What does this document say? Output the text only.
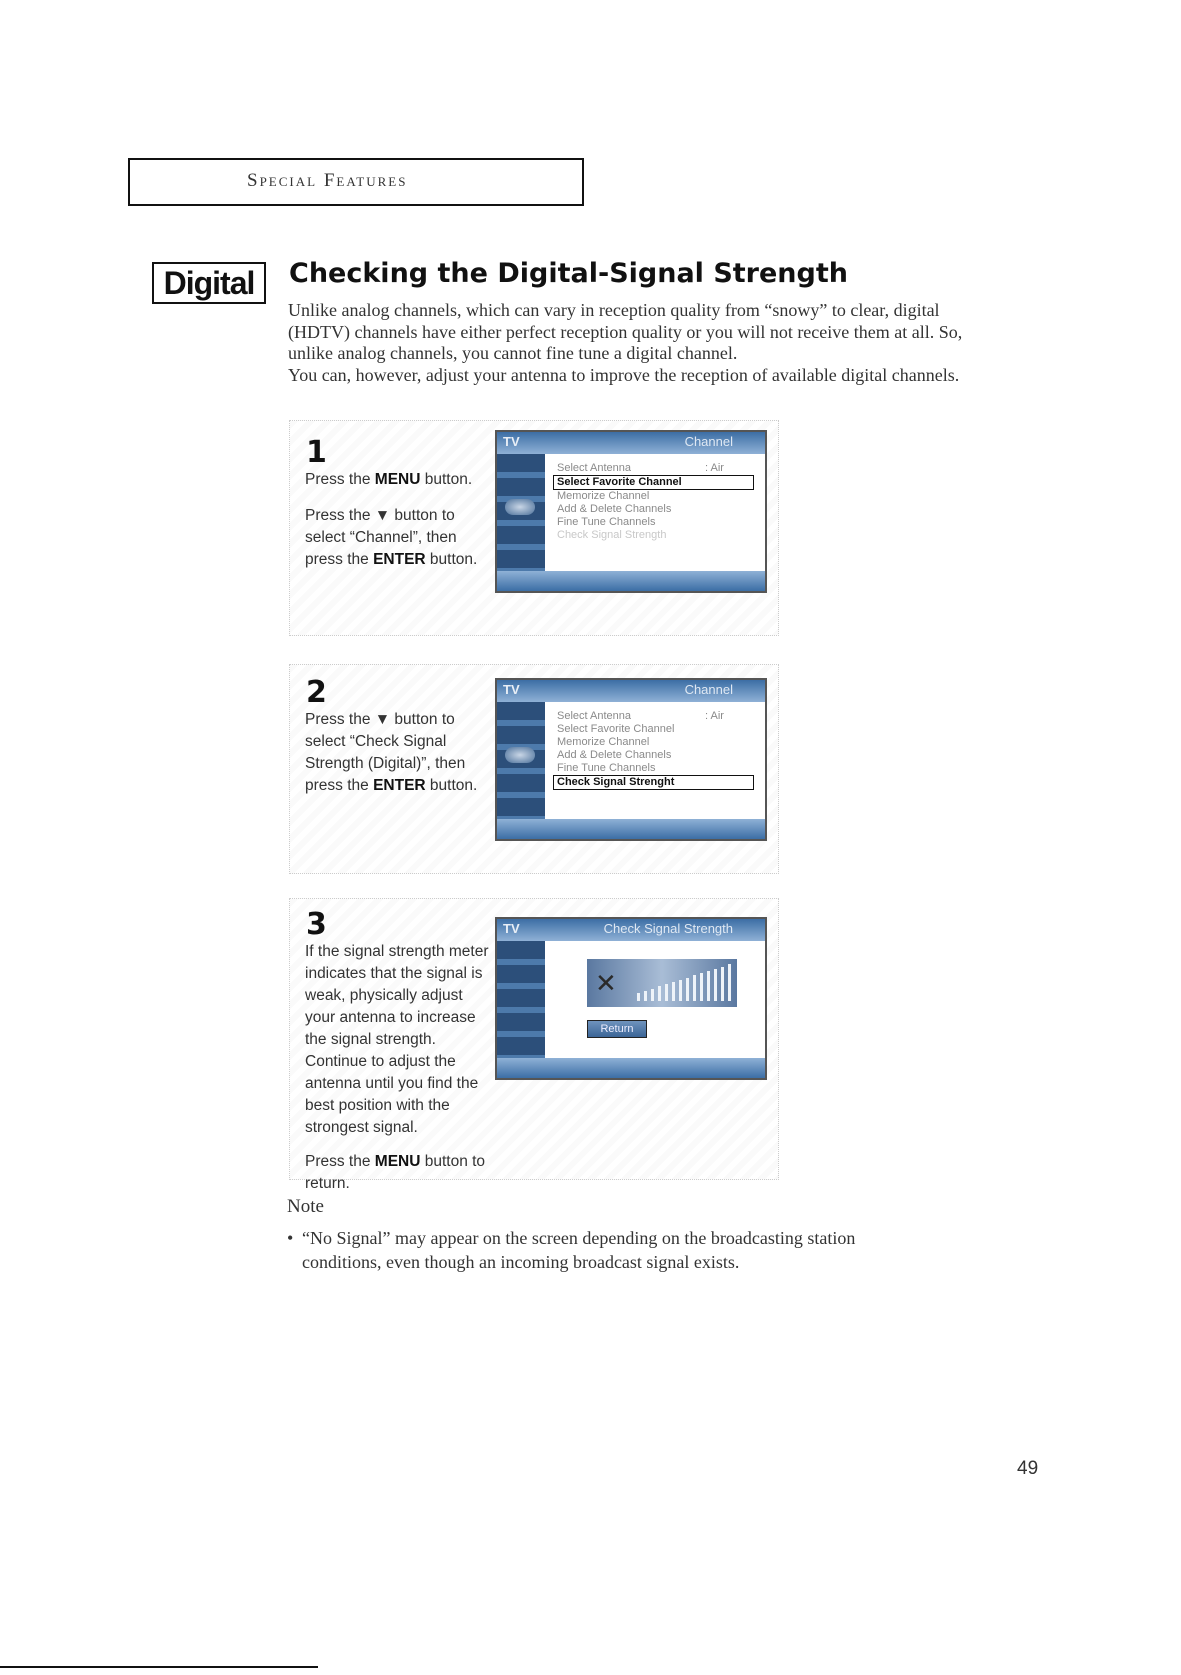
Special Features
Digital	Checking the Digital-Signal Strength

Unlike analog channels, which can vary in reception quality from “snowy” to clear, digital (HDTV) channels have either perfect reception quality or you will not receive them at all. So, unlike analog channels, you cannot fine tune a digital channel.

You can, however, adjust your antenna to improve the reception of available digital channels.

1
Press the MENU button.
Press the ▼ button to select “Channel”, then press the ENTER button.
TV	Channel
Select Antenna	: Air
Select Favorite Channel
Memorize Channel
Add & Delete Channels
Fine Tune Channels
Check Signal Strength
2
Press the ▼ button to select “Check Signal Strength (Digital)”, then press the ENTER button.
TV	Channel
Select Antenna	: Air
Select Favorite Channel
Memorize Channel
Add & Delete Channels
Fine Tune Channels
Check Signal Strenght
3
If the signal strength meter indicates that the signal is weak, physically adjust your antenna to increase the signal strength. Continue to adjust the antenna until you find the best position with the strongest signal.
Press the MENU button to return.
TV	Check Signal Strength
✕
Return
Note
• “No Signal” may appear on the screen depending on the broadcasting station conditions, even though an incoming broadcast signal exists.
49
